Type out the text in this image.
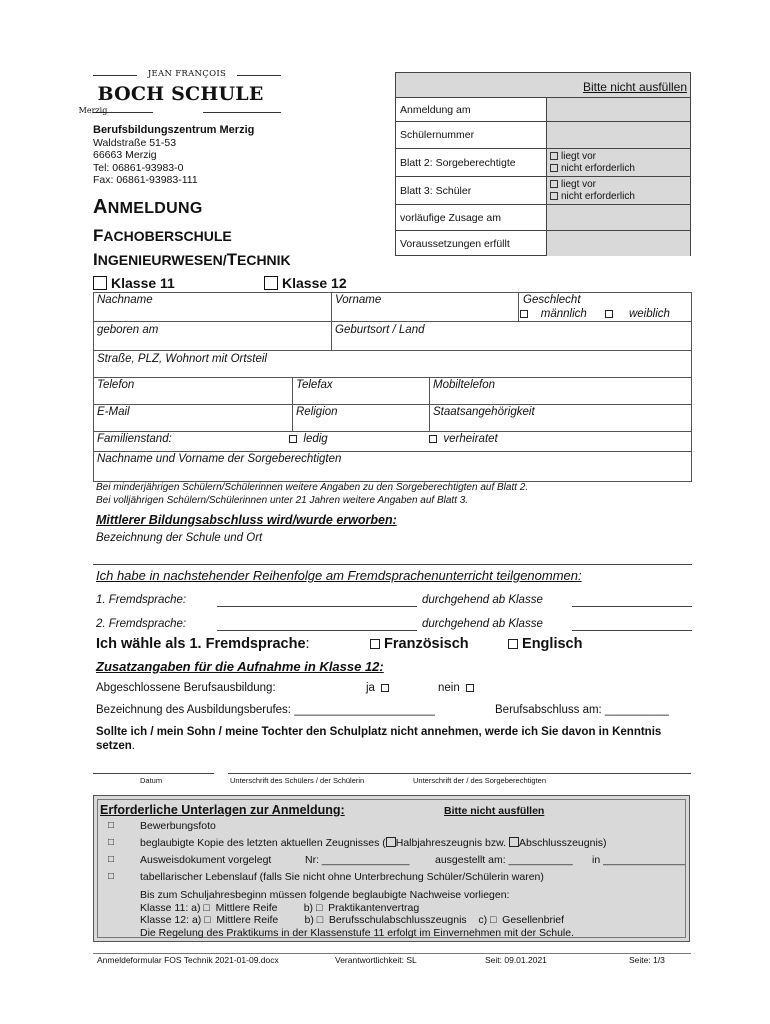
JEAN FRANÇOIS
BOCH SCHULE
Merzig
Berufsbildungszentrum Merzig
Waldstraße 51-53
66663 Merzig
Tel: 06861-93983-0
Fax: 06861-93983-111
ANMELDUNG
FACHOBERSCHULE
INGENIEURWESEN/TECHNIK
Bitte nicht ausfüllen
Anmeldung am
Schülernummer
Blatt 2: Sorgeberechtigte	liegt vor
nicht erforderlich
Blatt 3: Schüler	liegt vor
nicht erforderlich
vorläufige Zusage am
Voraussetzungen erfüllt
Klasse 11	Klasse 12
Nachname	Vorname	Geschlecht
männlich	weiblich
geboren am	Geburtsort / Land
Straße, PLZ, Wohnort mit Ortsteil
Telefon	Telefax	Mobiltelefon
E-Mail	Religion	Staatsangehörigkeit
Familienstand:	ledig	verheiratet
Nachname und Vorname der Sorgeberechtigten
Bei minderjährigen Schülern/Schülerinnen weitere Angaben zu den Sorgeberechtigten auf Blatt 2.
Bei volljährigen Schülern/Schülerinnen unter 21 Jahren weitere Angaben auf Blatt 3.
Mittlerer Bildungsabschluss wird/wurde erworben:
Bezeichnung der Schule und Ort
Ich habe in nachstehender Reihenfolge am Fremdsprachenunterricht teilgenommen:
1. Fremdsprache:	durchgehend ab Klasse
2. Fremdsprache:	durchgehend ab Klasse
Ich wähle als 1. Fremdsprache:	Französisch	Englisch
Zusatzangaben für die Aufnahme in Klasse 12:
Abgeschlossene Berufsausbildung:	ja	nein
Bezeichnung des Ausbildungsberufes: ______________________	Berufsabschluss am: __________
Sollte ich / mein Sohn / meine Tochter den Schulplatz nicht annehmen, werde ich Sie davon in Kenntnis setzen.
Datum	Unterschrift des Schülers / der Schülerin	Unterschrift der / des Sorgeberechtigten
Erforderliche Unterlagen zur Anmeldung:	Bitte nicht ausfüllen
□ Bewerbungsfoto
□ beglaubigte Kopie des letzten aktuellen Zeugnisses ( Halbjahreszeugnis bzw. Abschlusszeugnis)
□ Ausweisdokument vorgelegt	Nr: _______________ ausgestellt am: ___________ in ______________
□ tabellarischer Lebenslauf (falls Sie nicht ohne Unterbrechung Schüler/Schülerin waren)
Bis zum Schuljahresbeginn müssen folgende beglaubigte Nachweise vorliegen:
Klasse 11: a) □  Mittlere Reife         b) □  Praktikantenvertrag
Klasse 12: a) □  Mittlere Reife         b) □  Berufsschulabschlusszeugnis    c) □  Gesellenbrief
Die Regelung des Praktikums in der Klassenstufe 11 erfolgt im Einvernehmen mit der Schule.
Anmeldeformular FOS Technik 2021-01-09.docx	Verantwortlichkeit: SL	Seit: 09.01.2021	Seite: 1/3
